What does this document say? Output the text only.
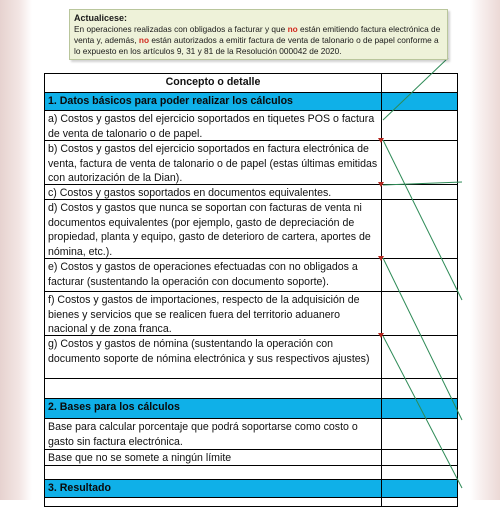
Concepto o detalle
1. Datos básicos para poder realizar los cálculos
a) Costos y gastos del ejercicio soportados en tiquetes POS o factura de venta de talonario o de papel.
b) Costos y gastos del ejercicio soportados en factura electrónica de venta, factura de venta de talonario o de papel (estas últimas emitidas con autorización de la Dian).
c) Costos y gastos soportados en documentos equivalentes.
d) Costos y gastos que nunca se soportan con facturas de venta ni documentos equivalentes (por ejemplo, gasto de depreciación de propiedad, planta y equipo, gasto de deterioro de cartera, aportes de nómina, etc.).
e) Costos y gastos de operaciones efectuadas con no obligados a facturar (sustentando la operación con documento soporte).
f) Costos y gastos de importaciones, respecto de la adquisición de bienes y servicios que se realicen fuera del territorio aduanero nacional y de zona franca.
g) Costos y gastos de nómina (sustentando la operación con documento soporte de nómina electrónica y sus respectivos ajustes)
2. Bases para los cálculos
Base para calcular porcentaje que podrá soportarse como costo o gasto sin factura electrónica.
Base que no se somete a ningún límite
3. Resultado
Actualicese:
En operaciones realizadas con obligados a facturar y que no están emitiendo factura electrónica de venta y, además, no están autorizados a emitir factura de venta de talonario o de papel conforme a lo expuesto en los artículos 9, 31 y 81 de la Resolución 000042 de 2020.
